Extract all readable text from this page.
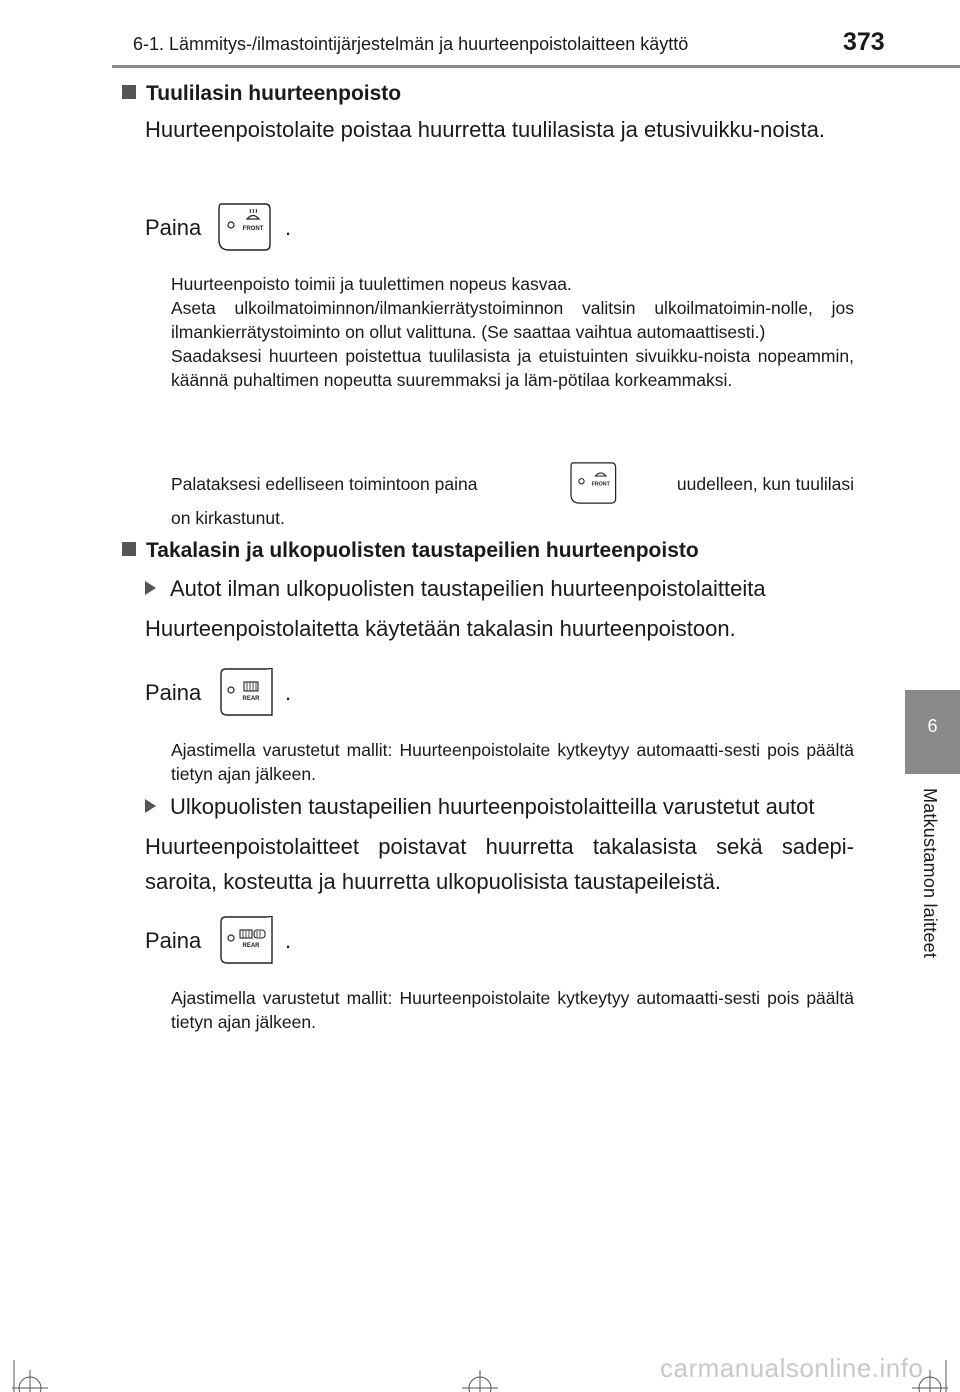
6-1. Lämmitys-/ilmastointijärjestelmän ja huurteenpoistolaitteen käyttö	373
6
Matkustamon laitteet
Tuulilasin huurteenpoisto
Huurteenpoistolaite poistaa huurretta tuulilasista ja etusivuikku-noista.
Paina	FRONT .

Huurteenpoisto toimii ja tuulettimen nopeus kasvaa.

Aseta ulkoilmatoiminnon/ilmankierrätystoiminnon valitsin ulkoilmatoimin-nolle, jos ilmankierrätystoiminto on ollut valittuna. (Se saattaa vaihtua automaattisesti.)

Saadaksesi huurteen poistettua tuulilasista ja etuistuinten sivuikku-noista nopeammin, käännä puhaltimen nopeutta suuremmaksi ja läm-pötilaa korkeammaksi.

Palataksesi edelliseen toimintoon paina	FRONT	uudelleen, kun tuulilasi
on kirkastunut.
Takalasin ja ulkopuolisten taustapeilien huurteenpoisto
Autot ilman ulkopuolisten taustapeilien huurteenpoistolaitteita
Huurteenpoistolaitetta käytetään takalasin huurteenpoistoon.
Paina	REAR .
Ajastimella varustetut mallit: Huurteenpoistolaite kytkeytyy automaatti-sesti pois päältä tietyn ajan jälkeen.
Ulkopuolisten taustapeilien huurteenpoistolaitteilla varustetut autot
Huurteenpoistolaitteet poistavat huurretta takalasista sekä sadepi-saroita, kosteutta ja huurretta ulkopuolisista taustapeileistä.
Paina	REAR .
Ajastimella varustetut mallit: Huurteenpoistolaite kytkeytyy automaatti-sesti pois päältä tietyn ajan jälkeen.
carmanualsonline.info
